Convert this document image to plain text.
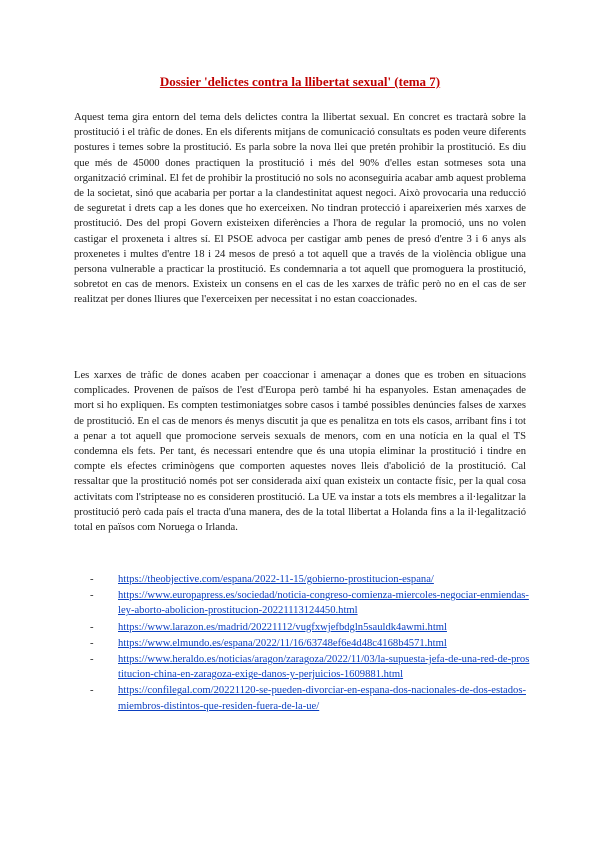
Dossier 'delictes contra la llibertat sexual' (tema 7)

Aquest tema gira entorn del tema dels delictes contra la llibertat sexual. En concret es tractarà sobre la prostitució i el tràfic de dones. En els diferents mitjans de comunicació consultats es poden veure diferents postures i temes sobre la prostitució. Es parla sobre la nova llei que pretén prohibir la prostitució. Es diu que més de 45000 dones practiquen la prostitució i més del 90% d'elles estan sotmeses sota una organització criminal. El fet de prohibir la prostitució no sols no aconseguiria acabar amb aquest problema de la societat, sinó que acabaria per portar a la clandestinitat aquest negoci. Això provocaria una reducció de seguretat i drets cap a les dones que ho exerceixen. No tindran protecció i apareixerien més xarxes de prostitució. Des del propi Govern existeixen diferències a l'hora de regular la promoció, uns no volen castigar el proxeneta i altres sí. El PSOE advoca per castigar amb penes de presó d'entre 3 i 6 anys als proxenetes i multes d'entre 18 i 24 mesos de presó a tot aquell que a través de la violència obligue una persona vulnerable a practicar la prostitució. Es condemnaria a tot aquell que promoguera la prostitució, sobretot en cas de menors. Existeix un consens en el cas de les xarxes de tràfic però no en el cas de ser realitzat per dones lliures que l'exerceixen per necessitat i no estan coaccionades.

Les xarxes de tràfic de dones acaben per coaccionar i amenaçar a dones que es troben en situacions complicades. Provenen de països de l'est d'Europa però també hi ha espanyoles. Estan amenaçades de mort si ho expliquen. Es compten testimoniatges sobre casos i també possibles denúncies falses de xarxes de prostitució. En el cas de menors és menys discutit ja que es penalitza en tots els casos, arribant fins i tot a penar a tot aquell que promocione serveis sexuals de menors, com en una notícia en la qual el TS condemna els fets. Per tant, és necessari entendre que és una utopia eliminar la prostitució i tindre en compte els efectes criminògens que comporten aquestes noves lleis d'abolició de la prostitució. Cal ressaltar que la prostitució només pot ser considerada així quan existeix un contacte físic, per la qual cosa activitats com l'striptease no es consideren prostitució. La UE va instar a tots els membres a il·legalitzar la prostitució però cada país el tracta d'una manera, des de la total llibertat a Holanda fins a la il·legalització total en països com Noruega o Irlanda.

- https://theobjective.com/espana/2022-11-15/gobierno-prostitucion-espana/
- https://www.europapress.es/sociedad/noticia-congreso-comienza-miercoles-negociar-enmiendas-ley-aborto-abolicion-prostitucion-20221113124450.html
- https://www.larazon.es/madrid/20221112/vugfxwjefbdgln5sauldk4awmi.html
- https://www.elmundo.es/espana/2022/11/16/63748ef6e4d48c4168b4571.html
- https://www.heraldo.es/noticias/aragon/zaragoza/2022/11/03/la-supuesta-jefa-de-una-red-de-prostitucion-china-en-zaragoza-exige-danos-y-perjuicios-1609881.html
- https://confilegal.com/20221120-se-pueden-divorciar-en-espana-dos-nacionales-de-dos-estados-miembros-distintos-que-residen-fuera-de-la-ue/
